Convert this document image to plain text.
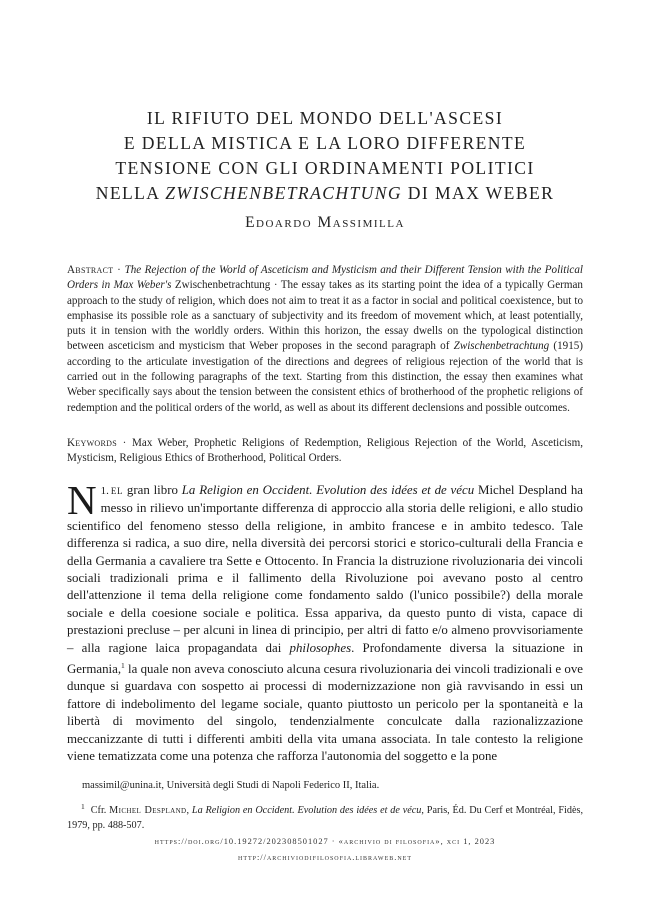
IL RIFIUTO DEL MONDO DELL'ASCESI
E DELLA MISTICA E LA LORO DIFFERENTE
TENSIONE CON GLI ORDINAMENTI POLITICI
NELLA ZWISCHENBETRACHTUNG DI MAX WEBER
Edoardo Massimilla
Abstract · The Rejection of the World of Asceticism and Mysticism and their Different Tension with the Political Orders in Max Weber's Zwischenbetrachtung · The essay takes as its starting point the idea of a typically German approach to the study of religion, which does not aim to treat it as a factor in social and political coexistence, but to emphasise its possible role as a sanctuary of subjectivity and its freedom of movement which, at least potentially, puts it in tension with the worldly orders. Within this horizon, the essay dwells on the typological distinction between asceticism and mysticism that Weber proposes in the second paragraph of Zwischenbetrachtung (1915) according to the articulate investigation of the directions and degrees of religious rejection of the world that is carried out in the following paragraphs of the text. Starting from this distinction, the essay then examines what Weber specifically says about the tension between the consistent ethics of brotherhood of the prophetic religions of redemption and the political orders of the world, as well as about its different declensions and possible outcomes.
Keywords · Max Weber, Prophetic Religions of Redemption, Religious Rejection of the World, Asceticism, Mysticism, Religious Ethics of Brotherhood, Political Orders.
1.
N el gran libro La Religion en Occident. Evolution des idées et de vécu Michel Despland ha messo in rilievo un'importante differenza di approccio alla storia delle religioni, e allo studio scientifico del fenomeno stesso della religione, in ambito francese e in ambito tedesco. Tale differenza si radica, a suo dire, nella diversità dei percorsi storici e storico-culturali della Francia e della Germania a cavaliere tra Sette e Ottocento. In Francia la distruzione rivoluzionaria dei vincoli sociali tradizionali prima e il fallimento della Rivoluzione poi avevano posto al centro dell'attenzione il tema della religione come fondamento saldo (l'unico possibile?) della morale sociale e della coesione sociale e politica. Essa appariva, da questo punto di vista, capace di prestazioni precluse – per alcuni in linea di principio, per altri di fatto e/o almeno provvisoriamente – alla ragione laica propagandata dai philosophes. Profondamente diversa la situazione in Germania,$^1$ la quale non aveva conosciuto alcuna cesura rivoluzionaria dei vincoli tradizionali e ove dunque si guardava con sospetto ai processi di modernizzazione non già ravvisando in essi un fattore di indebolimento del legame sociale, quanto piuttosto un pericolo per la spontaneità e la libertà di movimento del singolo, tendenzialmente conculcate dalla razionalizzazione meccanizzante di tutti i differenti ambiti della vita umana associata. In tale contesto la religione viene tematizzata come una potenza che rafforza l'autonomia del soggetto e la pone
massimil@unina.it, Università degli Studi di Napoli Federico II, Italia.
$^1$ Cfr. Michel Despland, La Religion en Occident. Evolution des idées et de vécu, Paris, Éd. Du Cerf et Montréal, Fidès, 1979, pp. 488-507.
https://doi.org/10.19272/202308501027 · «archivio di filosofia», xci 1, 2023
http://archiviodifilosofia.libraweb.net
